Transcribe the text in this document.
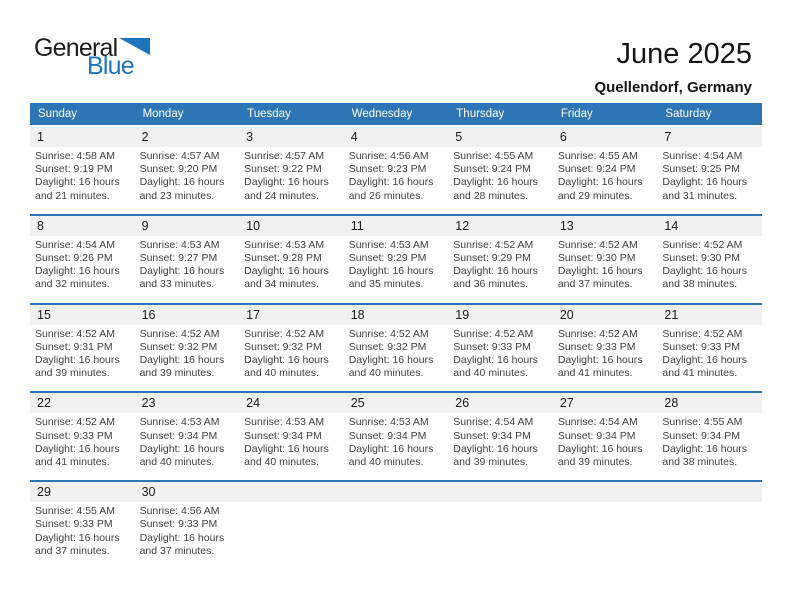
General
Blue	June 2025
Quellendorf, Germany
Sunday	Monday	Tuesday	Wednesday	Thursday	Friday	Saturday
1	2	3	4	5	6	7
Sunrise: 4:58 AM
Sunset: 9:19 PM
Daylight: 16 hours
and 21 minutes.
Sunrise: 4:57 AM
Sunset: 9:20 PM
Daylight: 16 hours
and 23 minutes.
Sunrise: 4:57 AM
Sunset: 9:22 PM
Daylight: 16 hours
and 24 minutes.
Sunrise: 4:56 AM
Sunset: 9:23 PM
Daylight: 16 hours
and 26 minutes.
Sunrise: 4:55 AM
Sunset: 9:24 PM
Daylight: 16 hours
and 28 minutes.
Sunrise: 4:55 AM
Sunset: 9:24 PM
Daylight: 16 hours
and 29 minutes.
Sunrise: 4:54 AM
Sunset: 9:25 PM
Daylight: 16 hours
and 31 minutes.
8	9	10	11	12	13	14
Sunrise: 4:54 AM
Sunset: 9:26 PM
Daylight: 16 hours
and 32 minutes.
Sunrise: 4:53 AM
Sunset: 9:27 PM
Daylight: 16 hours
and 33 minutes.
Sunrise: 4:53 AM
Sunset: 9:28 PM
Daylight: 16 hours
and 34 minutes.
Sunrise: 4:53 AM
Sunset: 9:29 PM
Daylight: 16 hours
and 35 minutes.
Sunrise: 4:52 AM
Sunset: 9:29 PM
Daylight: 16 hours
and 36 minutes.
Sunrise: 4:52 AM
Sunset: 9:30 PM
Daylight: 16 hours
and 37 minutes.
Sunrise: 4:52 AM
Sunset: 9:30 PM
Daylight: 16 hours
and 38 minutes.
15	16	17	18	19	20	21
Sunrise: 4:52 AM
Sunset: 9:31 PM
Daylight: 16 hours
and 39 minutes.
Sunrise: 4:52 AM
Sunset: 9:32 PM
Daylight: 16 hours
and 39 minutes.
Sunrise: 4:52 AM
Sunset: 9:32 PM
Daylight: 16 hours
and 40 minutes.
Sunrise: 4:52 AM
Sunset: 9:32 PM
Daylight: 16 hours
and 40 minutes.
Sunrise: 4:52 AM
Sunset: 9:33 PM
Daylight: 16 hours
and 40 minutes.
Sunrise: 4:52 AM
Sunset: 9:33 PM
Daylight: 16 hours
and 41 minutes.
Sunrise: 4:52 AM
Sunset: 9:33 PM
Daylight: 16 hours
and 41 minutes.
22	23	24	25	26	27	28
Sunrise: 4:52 AM
Sunset: 9:33 PM
Daylight: 16 hours
and 41 minutes.
Sunrise: 4:53 AM
Sunset: 9:34 PM
Daylight: 16 hours
and 40 minutes.
Sunrise: 4:53 AM
Sunset: 9:34 PM
Daylight: 16 hours
and 40 minutes.
Sunrise: 4:53 AM
Sunset: 9:34 PM
Daylight: 16 hours
and 40 minutes.
Sunrise: 4:54 AM
Sunset: 9:34 PM
Daylight: 16 hours
and 39 minutes.
Sunrise: 4:54 AM
Sunset: 9:34 PM
Daylight: 16 hours
and 39 minutes.
Sunrise: 4:55 AM
Sunset: 9:34 PM
Daylight: 16 hours
and 38 minutes.
29	30
Sunrise: 4:55 AM
Sunset: 9:33 PM
Daylight: 16 hours
and 37 minutes.
Sunrise: 4:56 AM
Sunset: 9:33 PM
Daylight: 16 hours
and 37 minutes.
